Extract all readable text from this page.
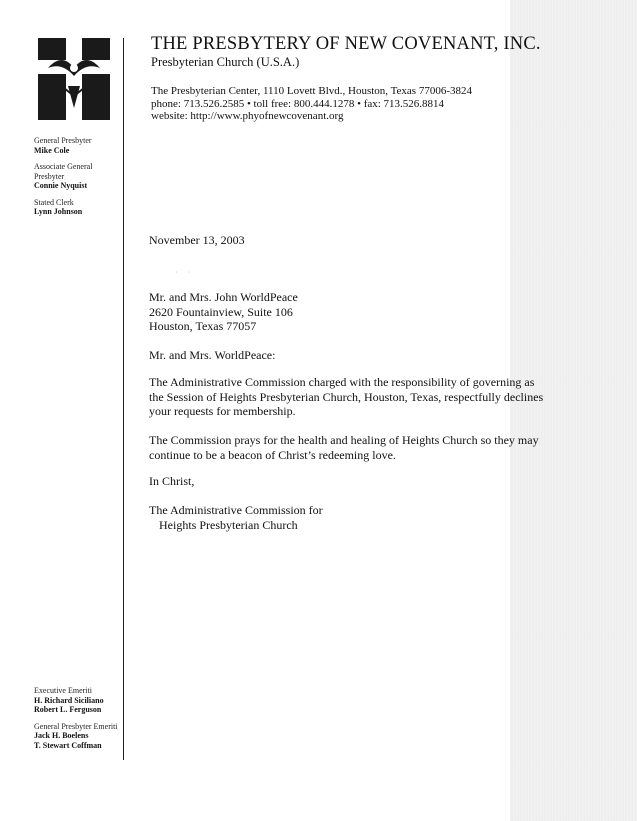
General Presbyter
Mike Cole
Associate General Presbyter
Connie Nyquist
Stated Clerk
Lynn Johnson
Executive Emeriti
H. Richard Siciliano
Robert L. Ferguson
General Presbyter Emeriti
Jack H. Boelens
T. Stewart Coffman
THE PRESBYTERY OF NEW COVENANT, INC.
Presbyterian Church (U.S.A.)
The Presbyterian Center, 1110 Lovett Blvd., Houston, Texas 77006-3824
phone: 713.526.2585 • toll free: 800.444.1278 • fax: 713.526.8814
website: http://www.phyofnewcovenant.org
November 13, 2003
· ·
Mr. and Mrs. John WorldPeace
2620 Fountainview, Suite 106
Houston, Texas 77057
Mr. and Mrs. WorldPeace:
The Administrative Commission charged with the responsibility of governing as
the Session of Heights Presbyterian Church, Houston, Texas, respectfully declines
your requests for membership.
The Commission prays for the health and healing of Heights Church so they may
continue to be a beacon of Christ’s redeeming love.
In Christ,
The Administrative Commission for
Heights Presbyterian Church
